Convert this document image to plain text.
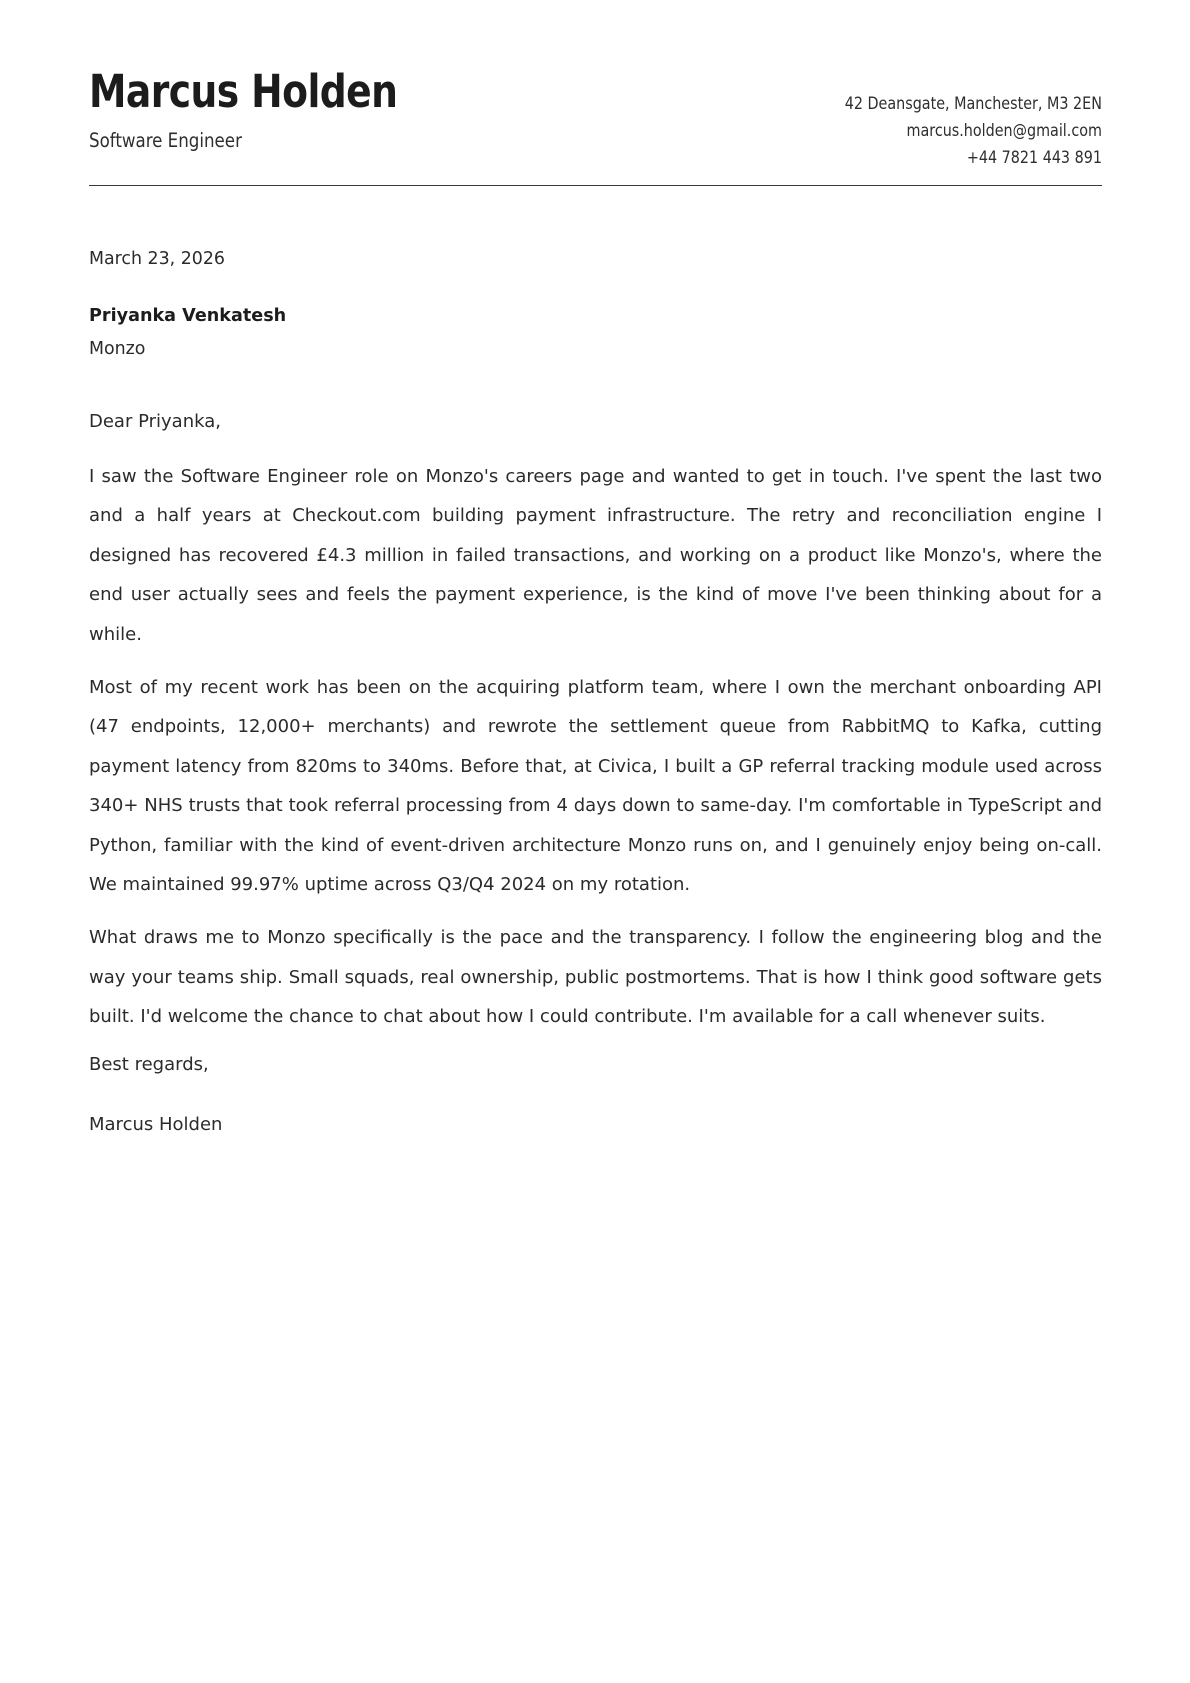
Marcus Holden
Software Engineer
42 Deansgate, Manchester, M3 2EN
marcus.holden@gmail.com
+44 7821 443 891
March 23, 2026
Priyanka Venkatesh
Monzo

Dear Priyanka,

I saw the Software Engineer role on Monzo's careers page and wanted to get in touch. I've spent the last two and a half years at Checkout.com building payment infrastructure. The retry and reconciliation engine I designed has recovered £4.3 million in failed transactions, and working on a product like Monzo's, where the end user actually sees and feels the payment experience, is the kind of move I've been thinking about for a while.

Most of my recent work has been on the acquiring platform team, where I own the merchant onboarding API (47 endpoints, 12,000+ merchants) and rewrote the settlement queue from RabbitMQ to Kafka, cutting payment latency from 820ms to 340ms. Before that, at Civica, I built a GP referral tracking module used across 340+ NHS trusts that took referral processing from 4 days down to same-day. I'm comfortable in TypeScript and Python, familiar with the kind of event-driven architecture Monzo runs on, and I genuinely enjoy being on-call. We maintained 99.97% uptime across Q3/Q4 2024 on my rotation.

What draws me to Monzo specifically is the pace and the transparency. I follow the engineering blog and the way your teams ship. Small squads, real ownership, public postmortems. That is how I think good software gets built. I'd welcome the chance to chat about how I could contribute. I'm available for a call whenever suits.

Best regards,

Marcus Holden
